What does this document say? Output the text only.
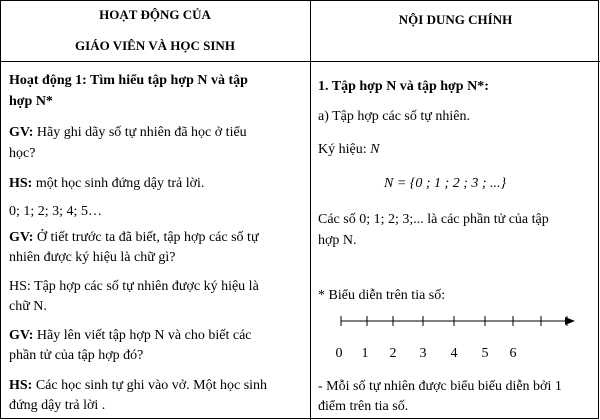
HOẠT ĐỘNG CỦA
GIÁO VIÊN VÀ HỌC SINH
NỘI DUNG CHÍNH
Hoạt động 1: Tìm hiểu tập hợp N và tập
hợp N*
GV: Hãy ghi dãy số tự nhiên đã học ở tiểu
học?
HS: một học sinh đứng dậy trả lời.
0; 1; 2; 3; 4; 5…
GV: Ở tiết trước ta đã biết, tập hợp các số tự
nhiên được ký hiệu là chữ gì?
HS: Tập hợp các số tự nhiên được ký hiệu là
chữ N.
GV: Hãy lên viết tập hợp N và cho biết các
phần tử của tập hợp đó?
HS: Các học sinh tự ghi vào vở. Một học sinh
đứng dậy trả lời .
1. Tập hợp N và tập hợp N*:
a) Tập hợp các số tự nhiên.
Ký hiệu: N
N = {0 ; 1 ; 2 ; 3 ; ...}
Các số 0; 1; 2; 3;... là các phần tử của tập
hợp N.
* Biểu diễn trên tia số:
0 1 2 3 4 5 6
- Mỗi số tự nhiên được biểu biểu diễn bởi 1
điểm trên tia số.
